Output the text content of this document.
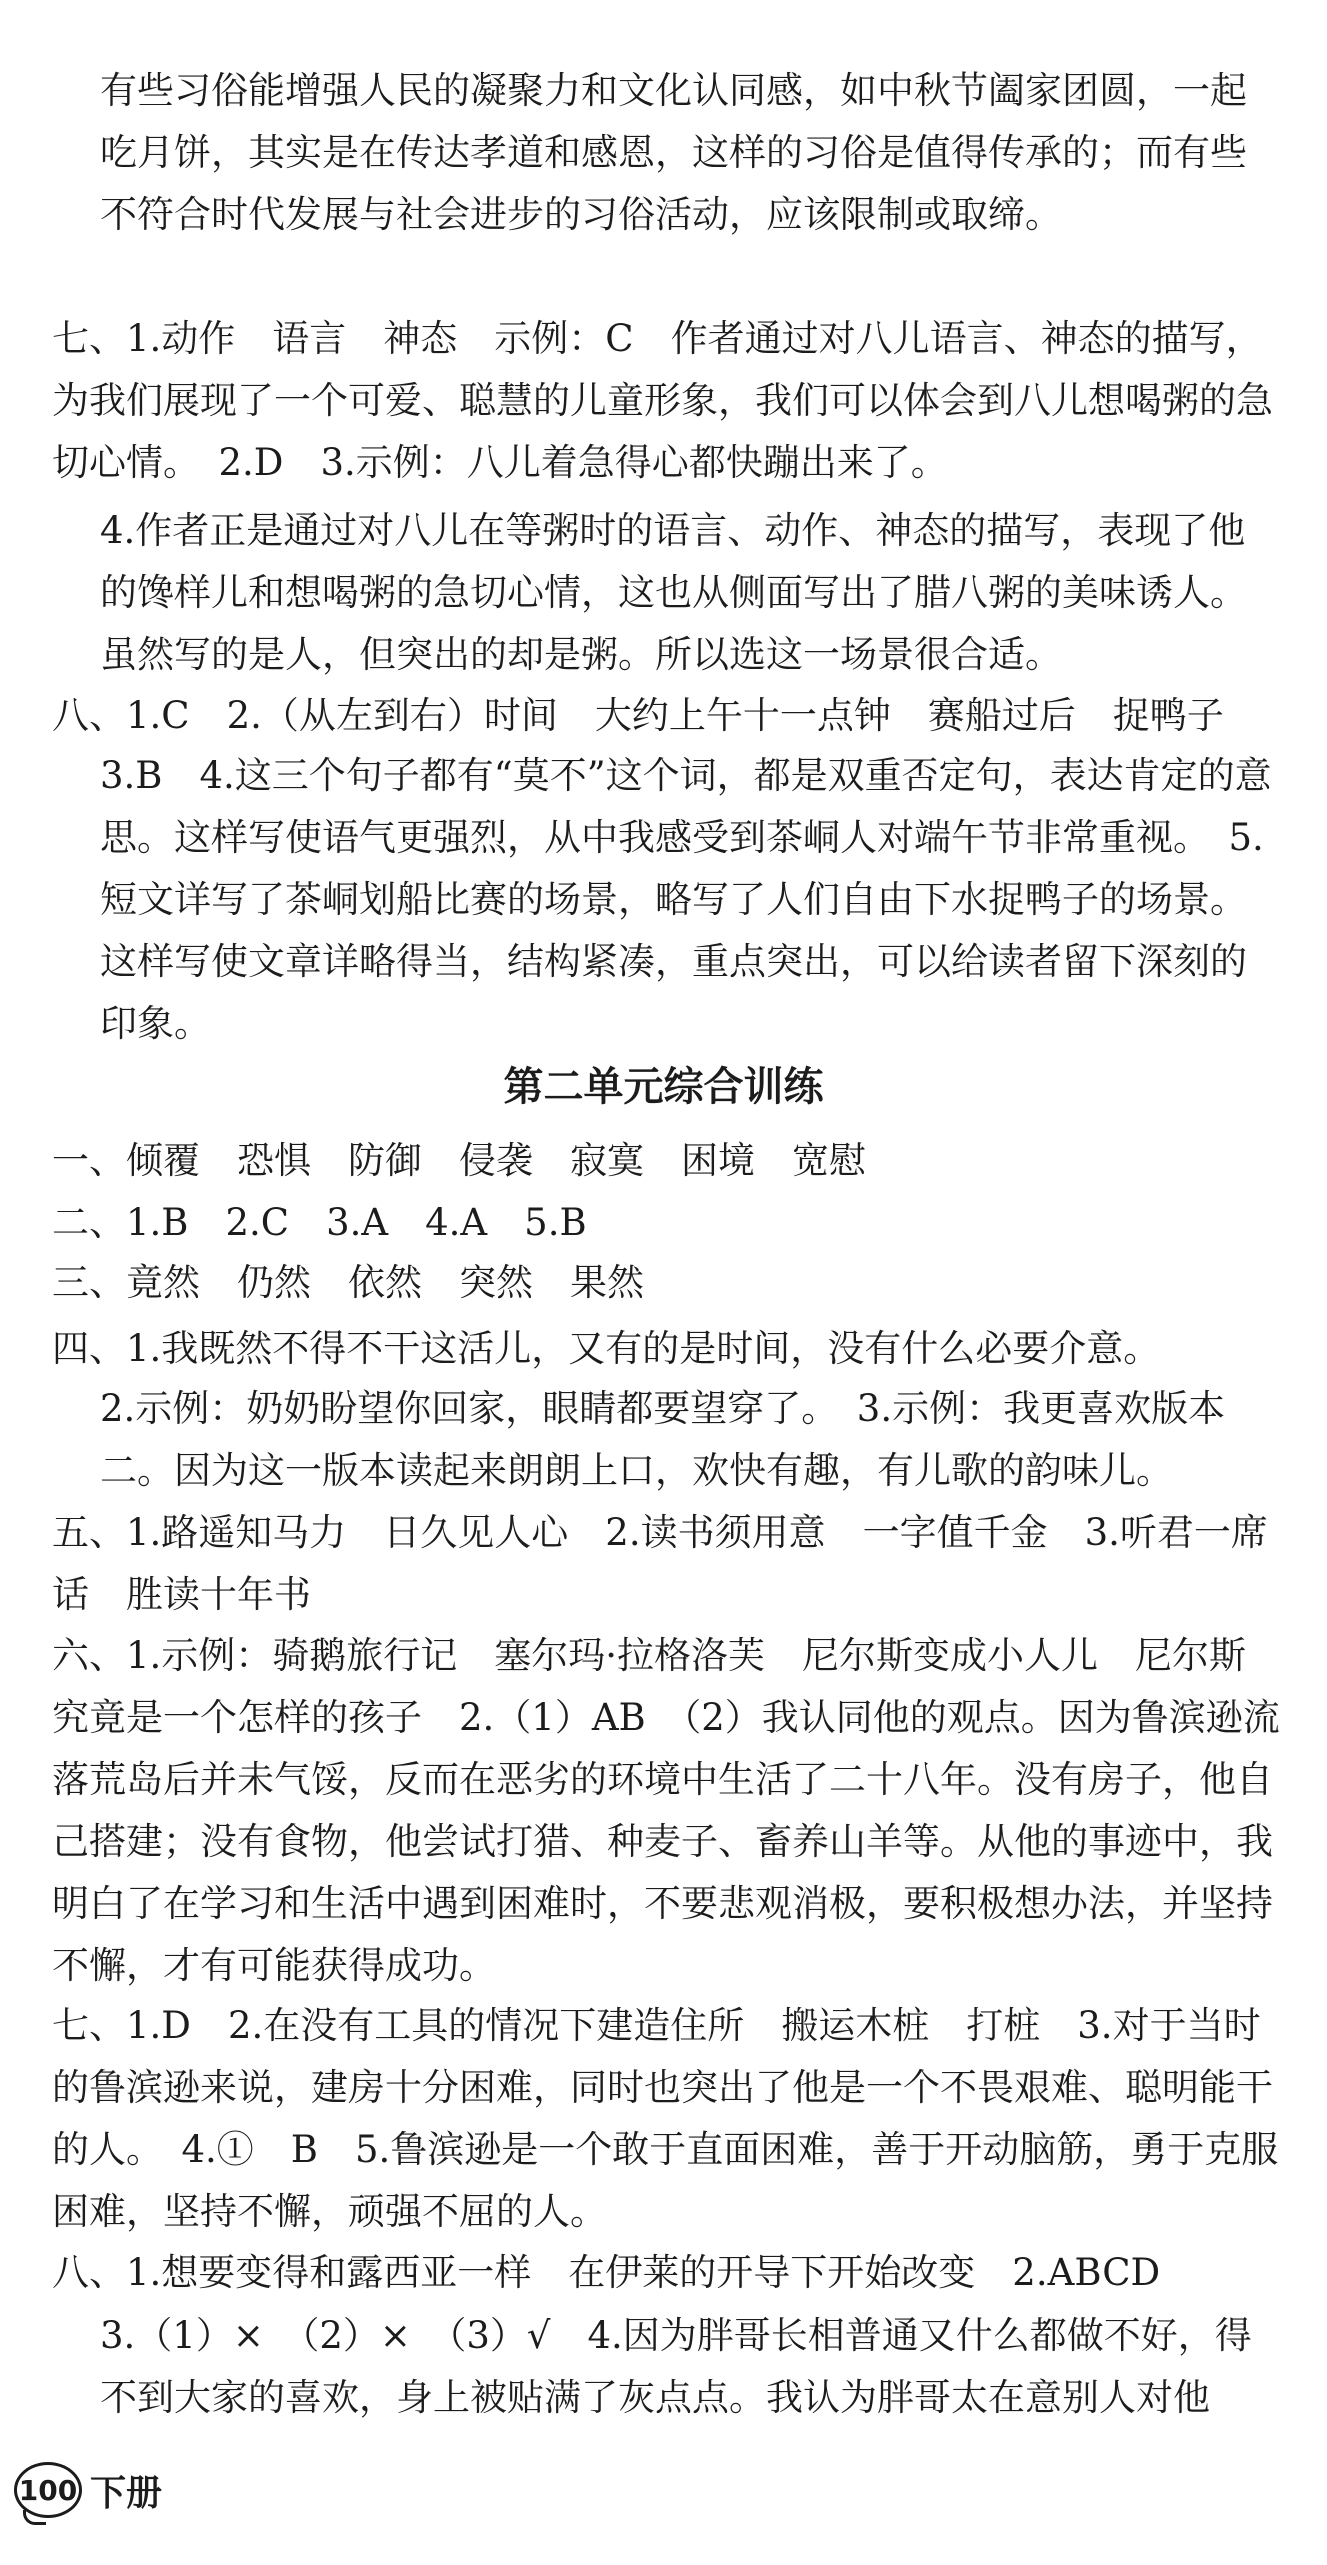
有些习俗能增强人民的凝聚力和文化认同感，如中秋节阖家团圆，一起吃月饼，其实是在传达孝道和感恩，这样的习俗是值得传承的；而有些不符合时代发展与社会进步的习俗活动，应该限制或取缔。

七、1.动作　语言　神态　示例：C　作者通过对八儿语言、神态的描写，为我们展现了一个可爱、聪慧的儿童形象，我们可以体会到八儿想喝粥的急切心情。　2.D　3.示例：八儿着急得心都快蹦出来了。

4.作者正是通过对八儿在等粥时的语言、动作、神态的描写，表现了他的馋样儿和想喝粥的急切心情，这也从侧面写出了腊八粥的美味诱人。虽然写的是人，但突出的却是粥。所以选这一场景很合适。

八、1.C　2.（从左到右）时间　大约上午十一点钟　赛船过后　捉鸭子

3.B　4.这三个句子都有“莫不”这个词，都是双重否定句，表达肯定的意思。这样写使语气更强烈，从中我感受到茶峒人对端午节非常重视。　5.短文详写了茶峒划船比赛的场景，略写了人们自由下水捉鸭子的场景。这样写使文章详略得当，结构紧凑，重点突出，可以给读者留下深刻的印象。

第二单元综合训练

一、倾覆　恐惧　防御　侵袭　寂寞　困境　宽慰

二、1.B　2.C　3.A　4.A　5.B

三、竟然　仍然　依然　突然　果然

四、1.我既然不得不干这活儿，又有的是时间，没有什么必要介意。

2.示例：奶奶盼望你回家，眼睛都要望穿了。　3.示例：我更喜欢版本二。因为这一版本读起来朗朗上口，欢快有趣，有儿歌的韵味儿。

五、1.路遥知马力　日久见人心　2.读书须用意　一字值千金　3.听君一席话　胜读十年书

六、1.示例：骑鹅旅行记　塞尔玛·拉格洛芙　尼尔斯变成小人儿　尼尔斯究竟是一个怎样的孩子　2.（1）AB　（2）我认同他的观点。因为鲁滨逊流落荒岛后并未气馁，反而在恶劣的环境中生活了二十八年。没有房子，他自己搭建；没有食物，他尝试打猎、种麦子、畜养山羊等。从他的事迹中，我明白了在学习和生活中遇到困难时，不要悲观消极，要积极想办法，并坚持不懈，才有可能获得成功。

七、1.D　2.在没有工具的情况下建造住所　搬运木桩　打桩　3.对于当时的鲁滨逊来说，建房十分困难，同时也突出了他是一个不畏艰难、聪明能干的人。　4.①　B　5.鲁滨逊是一个敢于直面困难，善于开动脑筋，勇于克服困难，坚持不懈，顽强不屈的人。

八、1.想要变得和露西亚一样　在伊莱的开导下开始改变　2.ABCD

3.（1）×　（2）×　（3）√　4.因为胖哥长相普通又什么都做不好，得不到大家的喜欢，身上被贴满了灰点点。我认为胖哥太在意别人对他

100 下册
